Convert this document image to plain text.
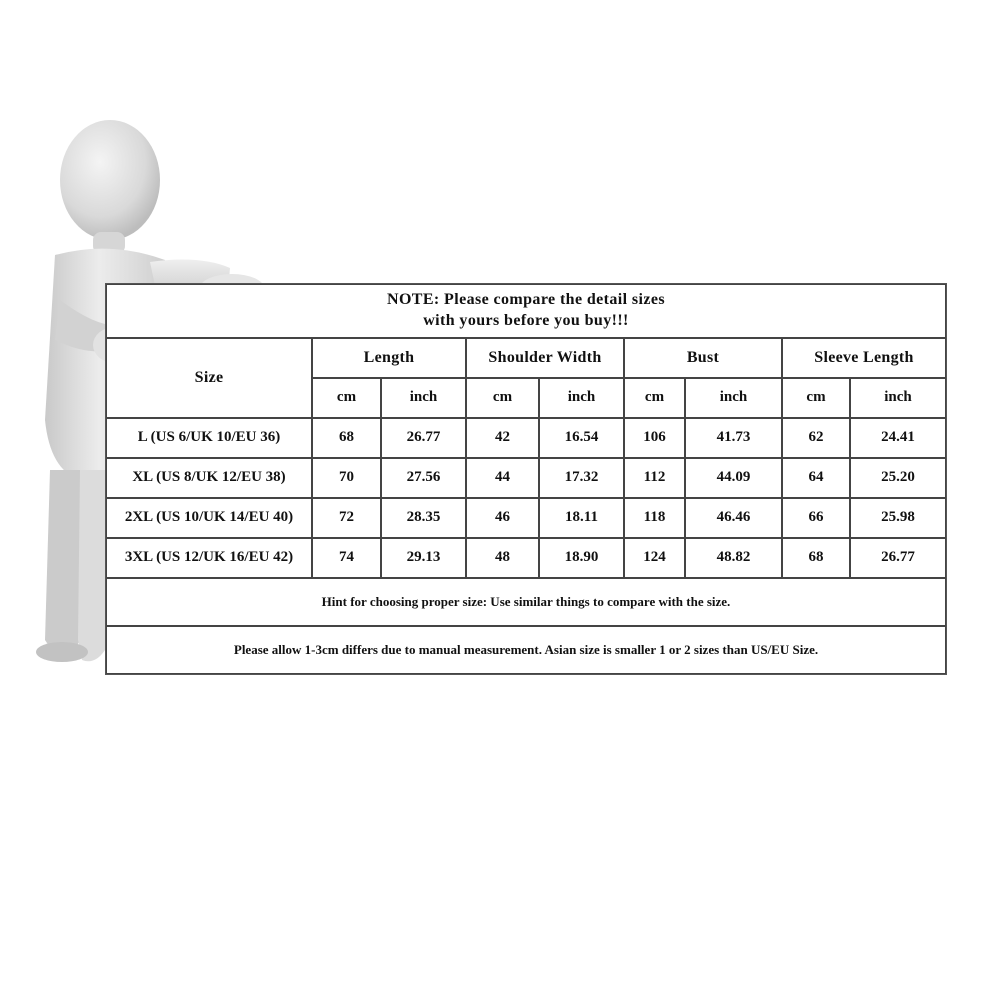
NOTE: Please compare the detail sizes
with yours before you buy!!!
Size
Length	Shoulder Width	Bust	Sleeve Length
cm	inch	cm	inch	cm	inch	cm	inch
L (US 6/UK 10/EU 36)	68	26.77	42	16.54	106	41.73	62	24.41
XL (US 8/UK 12/EU 38)	70	27.56	44	17.32	112	44.09	64	25.20
2XL (US 10/UK 14/EU 40)	72	28.35	46	18.11	118	46.46	66	25.98
3XL (US 12/UK 16/EU 42)	74	29.13	48	18.90	124	48.82	68	26.77
Hint for choosing proper size: Use similar things to compare with the size.
Please allow 1-3cm differs due to manual measurement. Asian size is smaller 1 or 2 sizes than US/EU Size.
